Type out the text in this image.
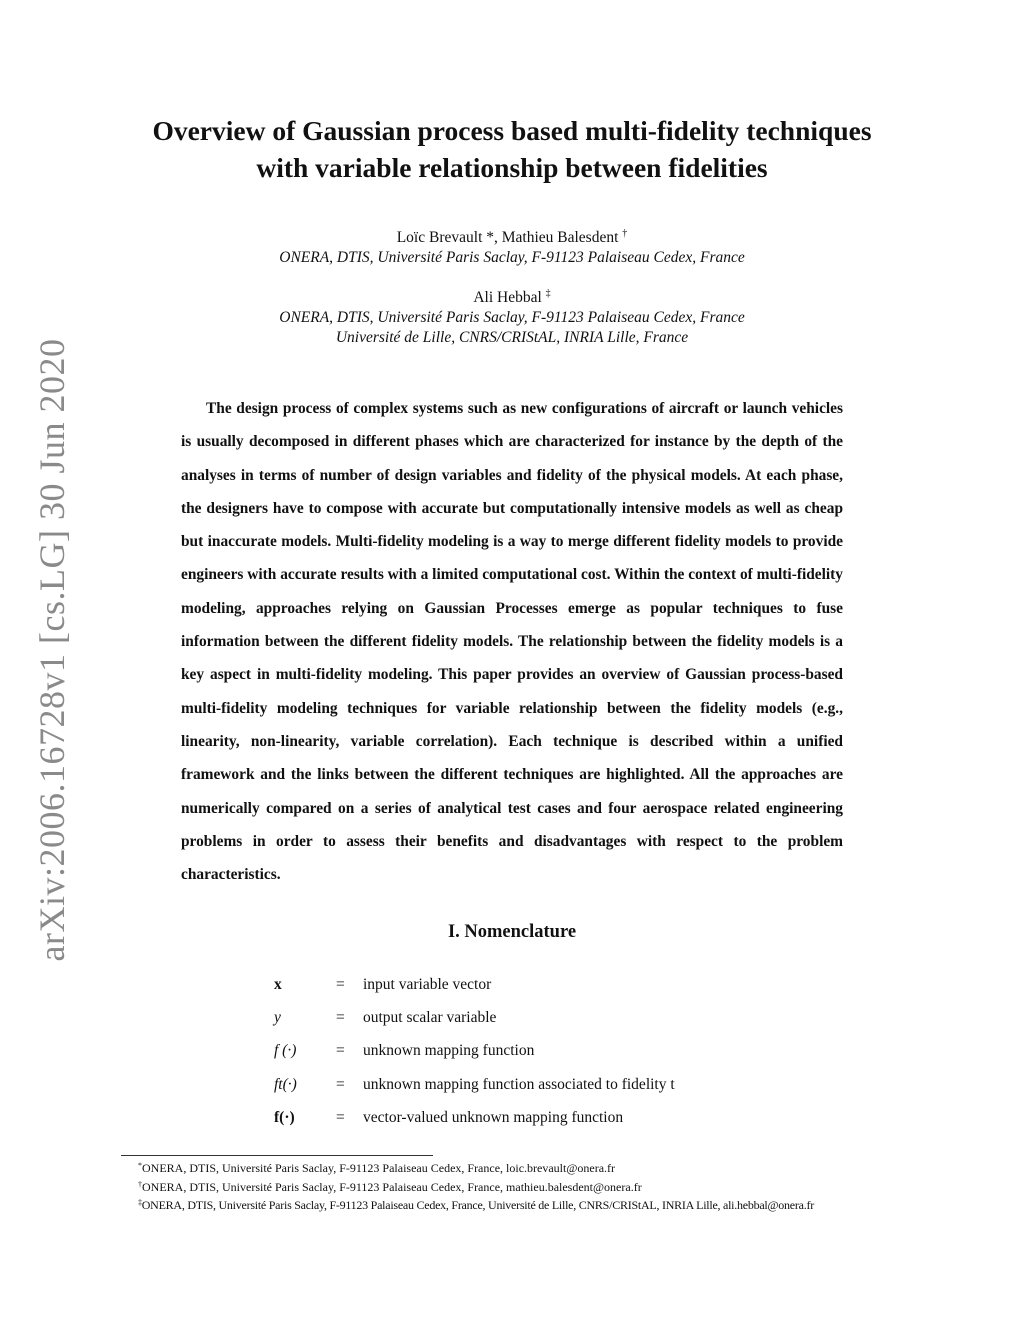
arXiv:2006.16728v1 [cs.LG] 30 Jun 2020
Overview of Gaussian process based multi-fidelity techniques
with variable relationship between fidelities
Loïc Brevault *, Mathieu Balesdent †
ONERA, DTIS, Université Paris Saclay, F-91123 Palaiseau Cedex, France
Ali Hebbal ‡
ONERA, DTIS, Université Paris Saclay, F-91123 Palaiseau Cedex, France
Université de Lille, CNRS/CRIStAL, INRIA Lille, France

The design process of complex systems such as new configurations of aircraft or launch vehicles is usually decomposed in different phases which are characterized for instance by the depth of the analyses in terms of number of design variables and fidelity of the physical models. At each phase, the designers have to compose with accurate but computationally intensive models as well as cheap but inaccurate models. Multi-fidelity modeling is a way to merge different fidelity models to provide engineers with accurate results with a limited computational cost. Within the context of multi-fidelity modeling, approaches relying on Gaussian Processes emerge as popular techniques to fuse information between the different fidelity models. The relationship between the fidelity models is a key aspect in multi-fidelity modeling. This paper provides an overview of Gaussian process-based multi-fidelity modeling techniques for variable relationship between the fidelity models (e.g., linearity, non-linearity, variable correlation). Each technique is described within a unified framework and the links between the different techniques are highlighted. All the approaches are numerically compared on a series of analytical test cases and four aerospace related engineering problems in order to assess their benefits and disadvantages with respect to the problem characteristics.

I. Nomenclature
x	= input variable vector
y	= output scalar variable
f (·)	= unknown mapping function
ft(·)	= unknown mapping function associated to fidelity t
f(·)	= vector-valued unknown mapping function
*ONERA, DTIS, Université Paris Saclay, F-91123 Palaiseau Cedex, France, loic.brevault@onera.fr
†ONERA, DTIS, Université Paris Saclay, F-91123 Palaiseau Cedex, France, mathieu.balesdent@onera.fr
‡ONERA, DTIS, Université Paris Saclay, F-91123 Palaiseau Cedex, France, Université de Lille, CNRS/CRIStAL, INRIA Lille, ali.hebbal@onera.fr
